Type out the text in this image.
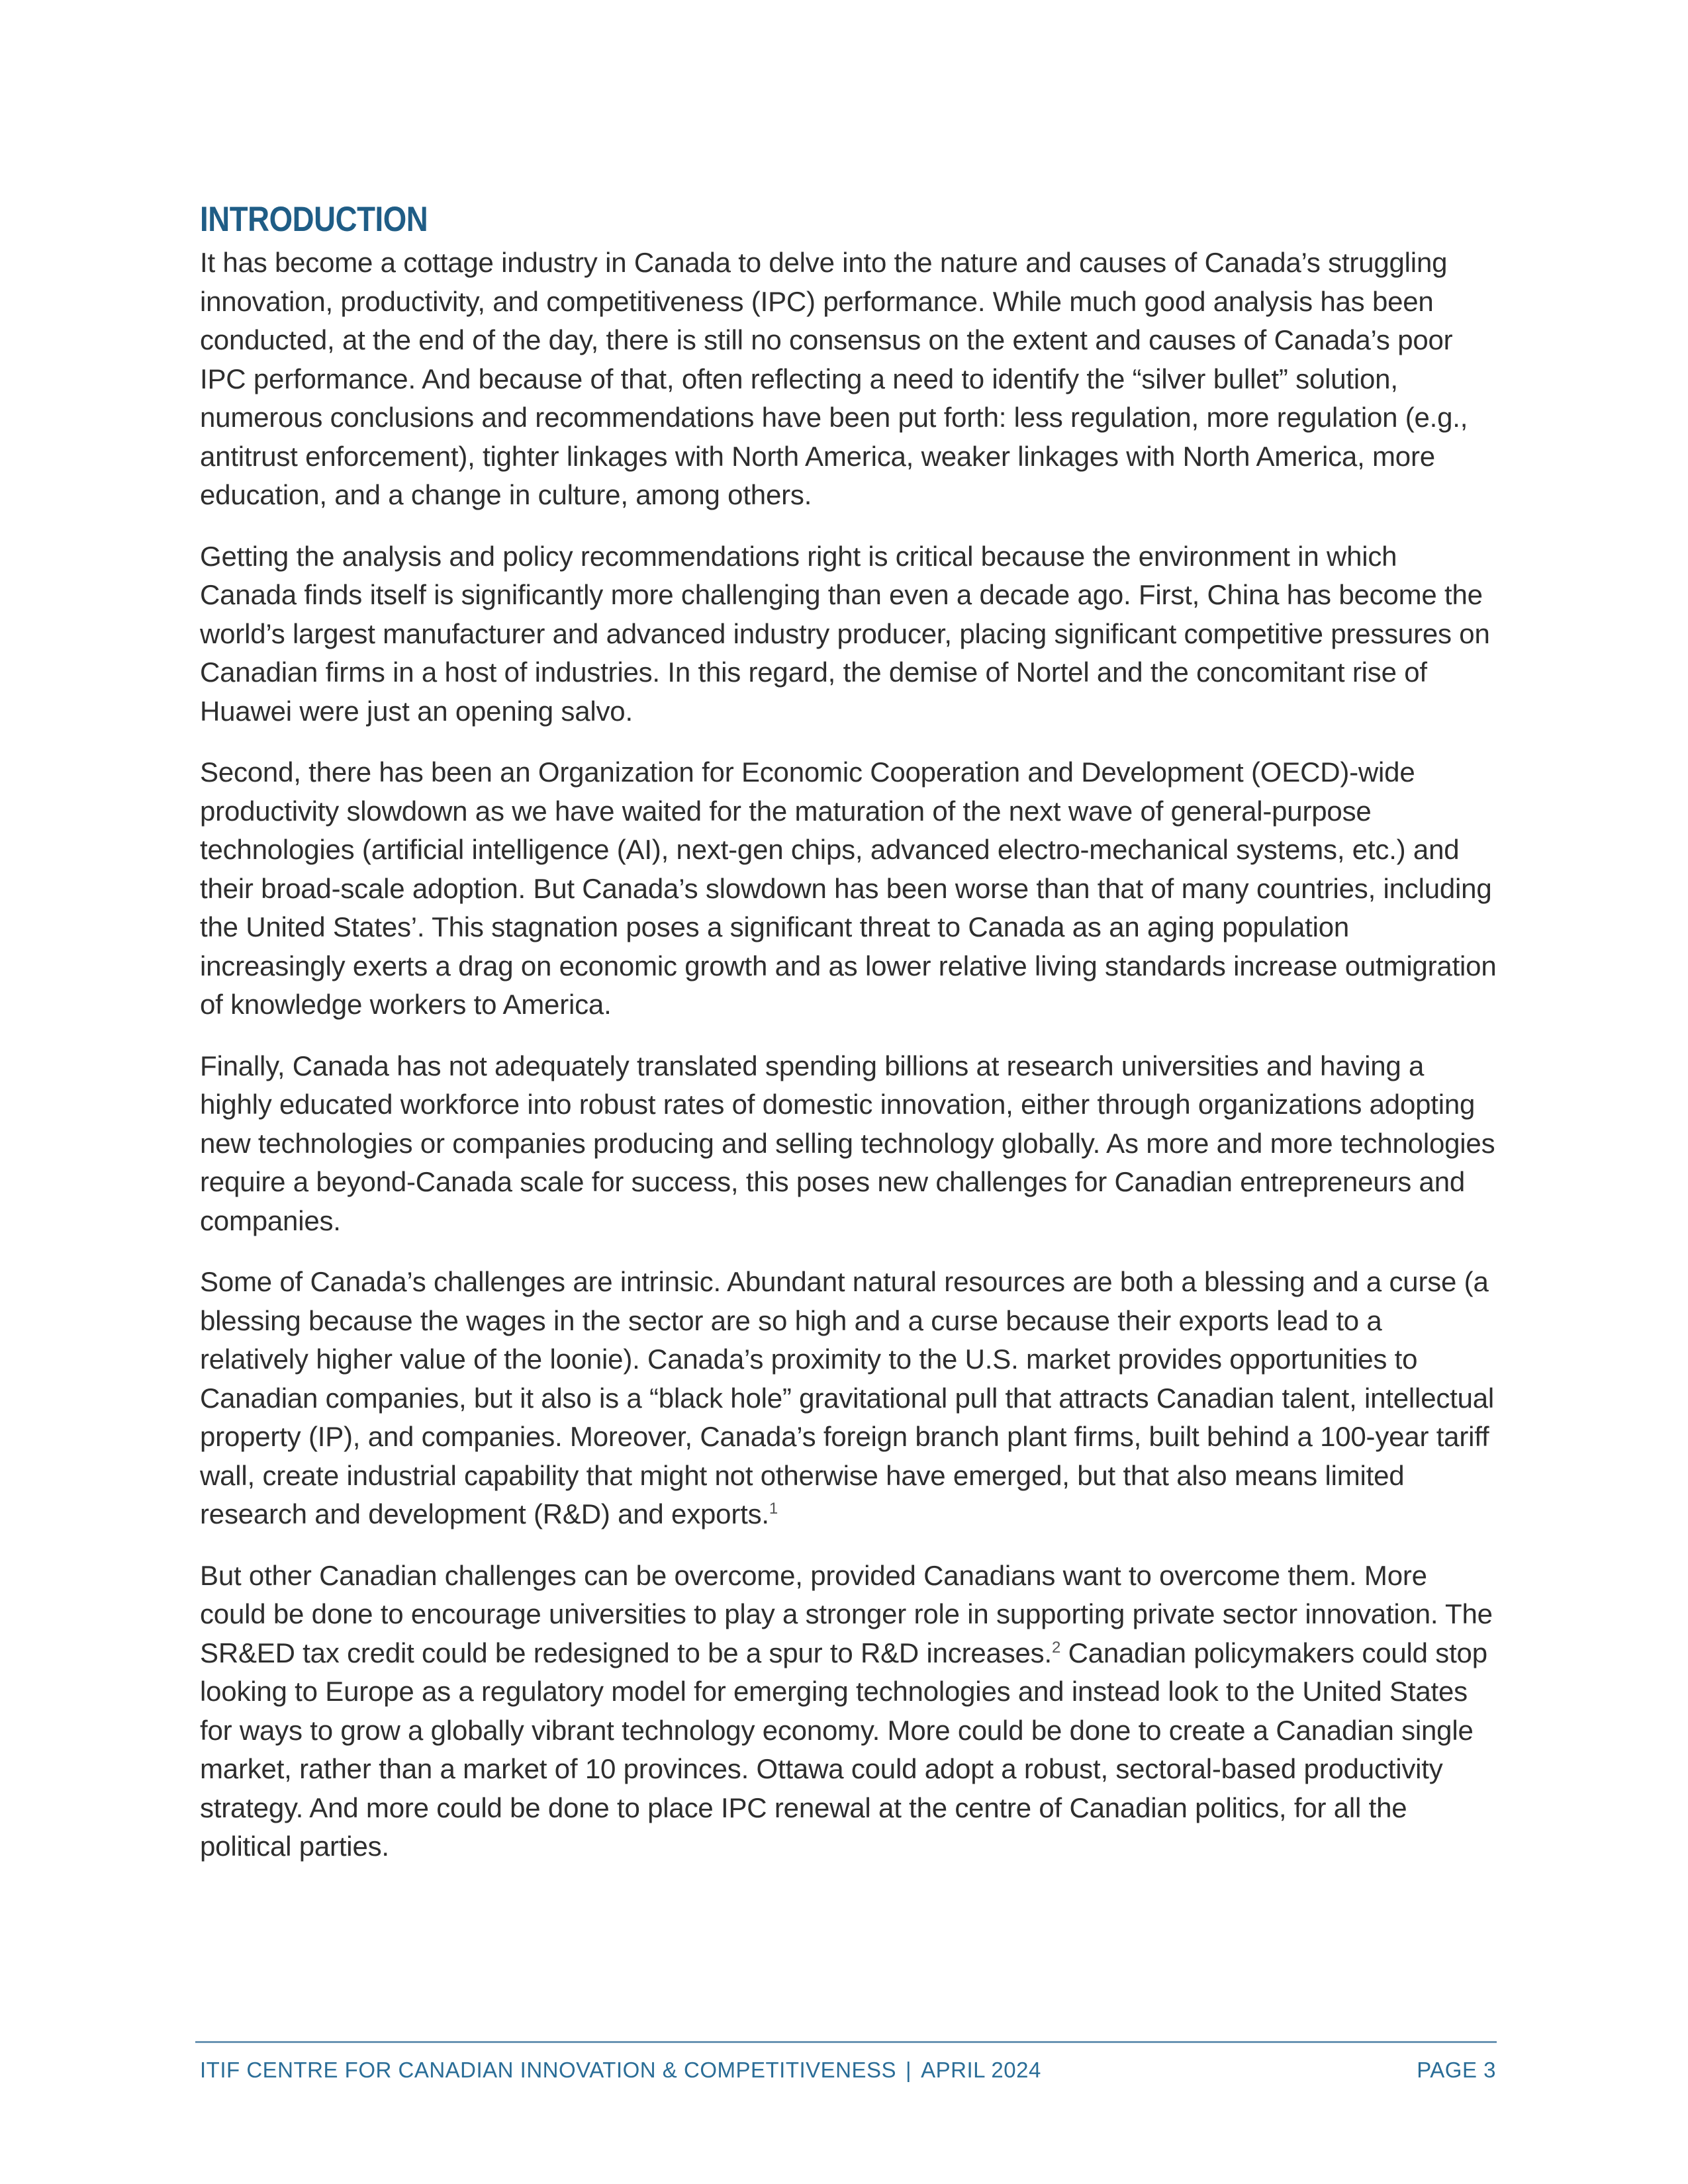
INTRODUCTION

It has become a cottage industry in Canada to delve into the nature and causes of Canada’s struggling innovation, productivity, and competitiveness (IPC) performance. While much good analysis has been conducted, at the end of the day, there is still no consensus on the extent and causes of Canada’s poor IPC performance. And because of that, often reflecting a need to identify the “silver bullet” solution, numerous conclusions and recommendations have been put forth: less regulation, more regulation (e.g., antitrust enforcement), tighter linkages with North America, weaker linkages with North America, more education, and a change in culture, among others.

Getting the analysis and policy recommendations right is critical because the environment in which Canada finds itself is significantly more challenging than even a decade ago. First, China has become the world’s largest manufacturer and advanced industry producer, placing significant competitive pressures on Canadian firms in a host of industries. In this regard, the demise of Nortel and the concomitant rise of Huawei were just an opening salvo.

Second, there has been an Organization for Economic Cooperation and Development (OECD)-wide productivity slowdown as we have waited for the maturation of the next wave of general-purpose technologies (artificial intelligence (AI), next-gen chips, advanced electro-mechanical systems, etc.) and their broad-scale adoption. But Canada’s slowdown has been worse than that of many countries, including the United States’. This stagnation poses a significant threat to Canada as an aging population increasingly exerts a drag on economic growth and as lower relative living standards increase outmigration of knowledge workers to America.

Finally, Canada has not adequately translated spending billions at research universities and having a highly educated workforce into robust rates of domestic innovation, either through organizations adopting new technologies or companies producing and selling technology globally. As more and more technologies require a beyond-Canada scale for success, this poses new challenges for Canadian entrepreneurs and companies.

Some of Canada’s challenges are intrinsic. Abundant natural resources are both a blessing and a curse (a blessing because the wages in the sector are so high and a curse because their exports lead to a relatively higher value of the loonie). Canada’s proximity to the U.S. market provides opportunities to Canadian companies, but it also is a “black hole” gravitational pull that attracts Canadian talent, intellectual property (IP), and companies. Moreover, Canada’s foreign branch plant firms, built behind a 100-year tariff wall, create industrial capability that might not otherwise have emerged, but that also means limited research and development (R&D) and exports.$^1$

But other Canadian challenges can be overcome, provided Canadians want to overcome them. More could be done to encourage universities to play a stronger role in supporting private sector innovation. The SR&ED tax credit could be redesigned to be a spur to R&D increases.$^2$ Canadian policymakers could stop looking to Europe as a regulatory model for emerging technologies and instead look to the United States for ways to grow a globally vibrant technology economy. More could be done to create a Canadian single market, rather than a market of 10 provinces. Ottawa could adopt a robust, sectoral-based productivity strategy. And more could be done to place IPC renewal at the centre of Canadian politics, for all the political parties.

ITIF CENTRE FOR CANADIAN INNOVATION & COMPETITIVENESS | APRIL 2024	PAGE 3
